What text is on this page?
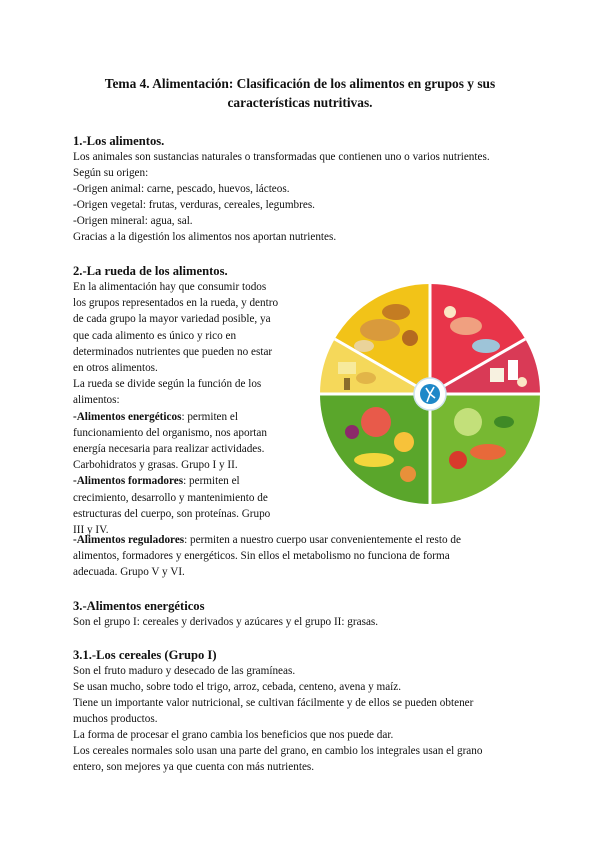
Tema 4. Alimentación: Clasificación de los alimentos en grupos y sus
características nutritivas.

1.-Los alimentos.

Los animales son sustancias naturales o transformadas que contienen uno o varios nutrientes.

Según su origen:

-Origen animal: carne, pescado, huevos, lácteos.

-Origen vegetal: frutas, verduras, cereales, legumbres.

-Origen mineral: agua, sal.

Gracias a la digestión los alimentos nos aportan nutrientes.

2.-La rueda de los alimentos.

En la alimentación hay que consumir todos

los grupos representados en la rueda, y dentro

de cada grupo la mayor variedad posible, ya

que cada alimento es único y rico en

determinados nutrientes que pueden no estar

en otros alimentos.

La rueda se divide según la función de los

alimentos:

-Alimentos energéticos: permiten el

funcionamiento del organismo, nos aportan

energía necesaria para realizar actividades.

Carbohidratos y grasas. Grupo I y II.

-Alimentos formadores: permiten el

crecimiento, desarrollo y mantenimiento de

estructuras del cuerpo, son proteínas. Grupo

III y IV.

-Alimentos reguladores: permiten a nuestro cuerpo usar convenientemente el resto de

alimentos, formadores y energéticos. Sin ellos el metabolismo no funciona de forma

adecuada. Grupo V y VI.

3.-Alimentos energéticos

Son el grupo I: cereales y derivados y azúcares y el grupo II: grasas.

3.1.-Los cereales (Grupo I)

Son el fruto maduro y desecado de las gramíneas.

Se usan mucho, sobre todo el trigo, arroz, cebada, centeno, avena y maíz.

Tiene un importante valor nutricional, se cultivan fácilmente y de ellos se pueden obtener

muchos productos.

La forma de procesar el grano cambia los beneficios que nos puede dar.

Los cereales normales solo usan una parte del grano, en cambio los integrales usan el grano

entero, son mejores ya que cuenta con más nutrientes.
